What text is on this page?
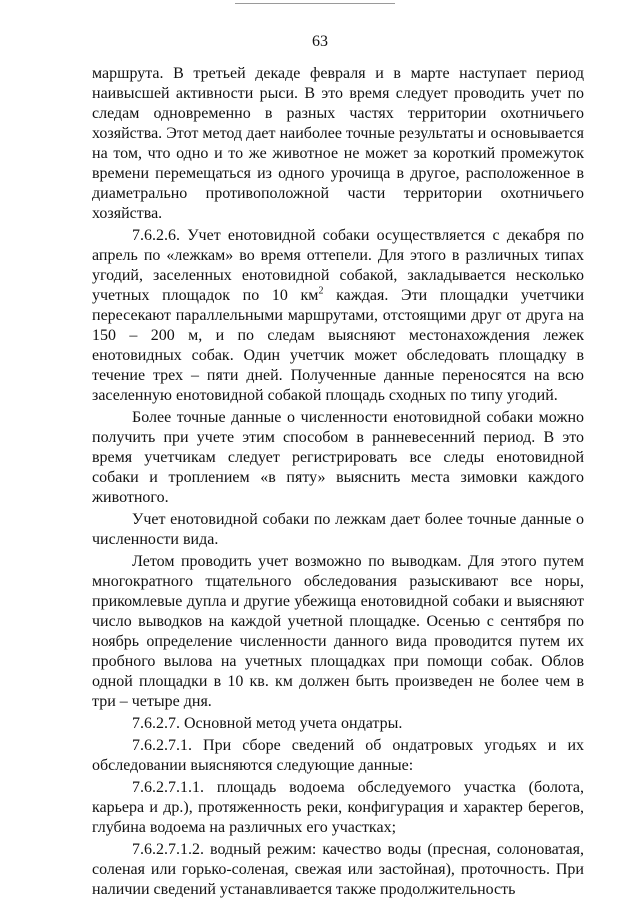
63

маршрута. В третьей декаде февраля и в марте наступает период наивысшей активности рыси. В это время следует проводить учет по следам одновременно в разных частях территории охотничьего хозяйства. Этот метод дает наиболее точные результаты и основывается на том, что одно и то же животное не может за короткий промежуток времени перемещаться из одного урочища в другое, расположенное в диаметрально противоположной части территории охотничьего хозяйства.

7.6.2.6. Учет енотовидной собаки осуществляется с декабря по апрель по «лежкам» во время оттепели. Для этого в различных типах угодий, заселенных енотовидной собакой, закладывается несколько учетных площадок по 10 $км^2$ каждая. Эти площадки учетчики пересекают параллельными маршрутами, отстоящими друг от друга на 150 – 200 м, и по следам выясняют местонахождения лежек енотовидных собак. Один учетчик может обследовать площадку в течение трех – пяти дней. Полученные данные переносятся на всю заселенную енотовидной собакой площадь сходных по типу угодий.

Более точные данные о численности енотовидной собаки можно получить при учете этим способом в ранневесенний период. В это время учетчикам следует регистрировать все следы енотовидной собаки и троплением «в пяту» выяснить места зимовки каждого животного.

Учет енотовидной собаки по лежкам дает более точные данные о численности вида.

Летом проводить учет возможно по выводкам. Для этого путем многократного тщательного обследования разыскивают все норы, прикомлевые дупла и другие убежища енотовидной собаки и выясняют число выводков на каждой учетной площадке. Осенью с сентября по ноябрь определение численности данного вида проводится путем их пробного вылова на учетных площадках при помощи собак. Облов одной площадки в 10 кв. км должен быть произведен не более чем в три – четыре дня.

7.6.2.7. Основной метод учета ондатры.

7.6.2.7.1. При сборе сведений об ондатровых угодьях и их обследовании выясняются следующие данные:

7.6.2.7.1.1. площадь водоема обследуемого участка (болота, карьера и др.), протяженность реки, конфигурация и характер берегов, глубина водоема на различных его участках;

7.6.2.7.1.2. водный режим: качество воды (пресная, солоноватая, соленая или горько-соленая, свежая или застойная), проточность. При наличии сведений устанавливается также продолжительность
